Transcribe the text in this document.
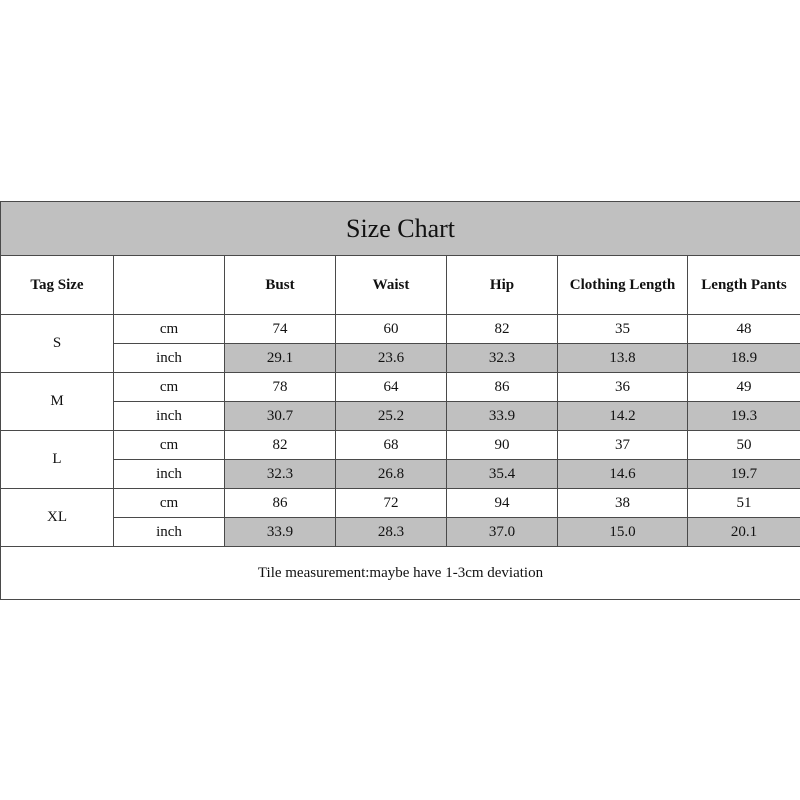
Size Chart						
Tag Size		Bust	Waist	Hip	Clothing Length	Length Pants
S	cm	74	60	82	35	48
	inch	29.1	23.6	32.3	13.8	18.9
M	cm	78	64	86	36	49
	inch	30.7	25.2	33.9	14.2	19.3
L	cm	82	68	90	37	50
	inch	32.3	26.8	35.4	14.6	19.7
XL	cm	86	72	94	38	51
	inch	33.9	28.3	37.0	15.0	20.1
Tile measurement:maybe have 1-3cm deviation						
